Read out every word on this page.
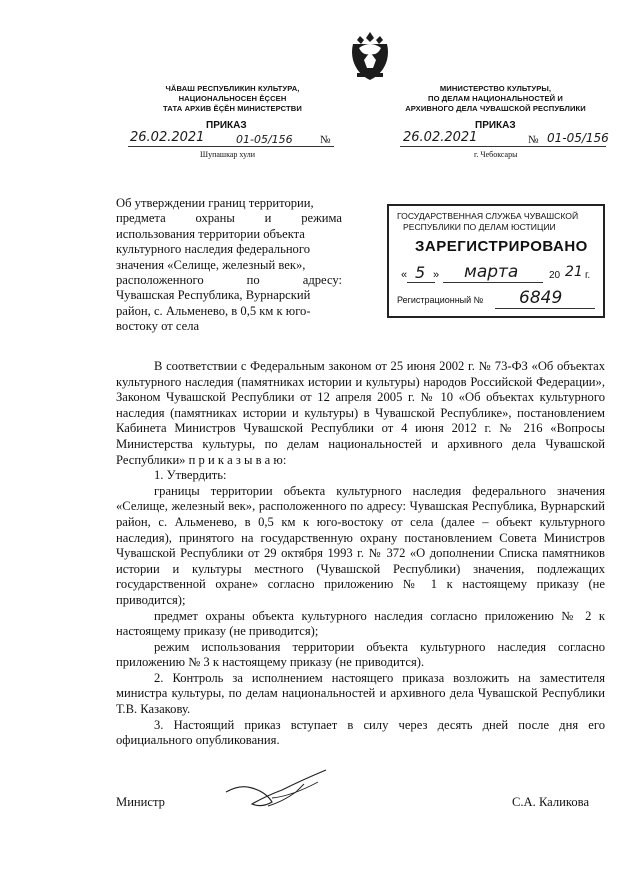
ЧĂВАШ РЕСПУБЛИКИН КУЛЬТУРА,
НАЦИОНАЛЬНОСЕН ĔÇСЕН
ТАТА АРХИВ ĔÇĔН МИНИСТЕРСТВИ
ПРИКАЗ
26.02.2021	01-05/156 №
Шупашкар хули
МИНИСТЕРСТВО КУЛЬТУРЫ,
ПО ДЕЛАМ НАЦИОНАЛЬНОСТЕЙ И
АРХИВНОГО ДЕЛА ЧУВАШСКОЙ РЕСПУБЛИКИ
ПРИКАЗ
26.02.2021	№ 01-05/156
г. Чебоксары
Об утверждении границ территории,
предмета охраны и режима
использования территории объекта
культурного наследия федерального
значения «Селище, железный век»,
расположенного по адресу:
Чувашская Республика, Вурнарский
район, с. Альменево, в 0,5 км к юго-
востоку от села
ГОСУДАРСТВЕННАЯ СЛУЖБА ЧУВАШСКОЙ
РЕСПУБЛИКИ ПО ДЕЛАМ ЮСТИЦИИ
ЗАРЕГИСТРИРОВАНО
« 5 » марта	20 21 г.
Регистрационный № 6849

В соответствии с Федеральным законом от 25 июня 2002 г. № 73-ФЗ «Об объектах культурного наследия (памятниках истории и культуры) народов Российской Федерации», Законом Чувашской Республики от 12 апреля 2005 г. № 10 «Об объектах культурного наследия (памятниках истории и культуры) в Чувашской Республике», постановлением Кабинета Министров Чувашской Республики от 4 июня 2012 г. № 216 «Вопросы Министерства культуры, по делам национальностей и архивного дела Чувашской Республики» п р и к а з ы в а ю:

1. Утвердить:

границы территории объекта культурного наследия федерального значения «Селище, железный век», расположенного по адресу: Чувашская Республика, Вурнарский район, с. Альменево, в 0,5 км к юго-востоку от села (далее – объект культурного наследия), принятого на государственную охрану постановлением Совета Министров Чувашской Республики от 29 октября 1993 г. № 372 «О дополнении Списка памятников истории и культуры местного (Чувашской Республики) значения, подлежащих государственной охране» согласно приложению № 1 к настоящему приказу (не приводится);

предмет охраны объекта культурного наследия согласно приложению № 2 к настоящему приказу (не приводится);

режим использования территории объекта культурного наследия согласно приложению № 3 к настоящему приказу (не приводится).

2. Контроль за исполнением настоящего приказа возложить на заместителя министра культуры, по делам национальностей и архивного дела Чувашской Республики Т.В. Казакову.

3. Настоящий приказ вступает в силу через десять дней после дня его официального опубликования.

Министр	С.А. Каликова
